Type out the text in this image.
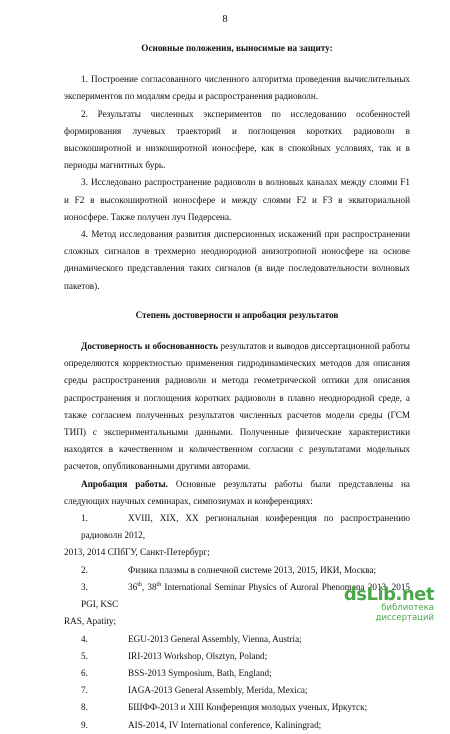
8

Основные положения, выносимые на защиту:

1. Построение согласованного численного алгоритма проведения вычислительных экспериментов по модалям среды и распространения радиоволн.

2. Результаты численных экспериментов по исследованию особенностей формирования лучевых траекторий и поглощения коротких радиоволн в высокоширотной и низкоширотной ионосфере, как в спокойных условиях, так и в периоды магнитных бурь.

3. Исследовано распространение радиоволн в волновых каналах между слоями F1 и F2 в высокоширотной ионосфере и между слоями F2 и F3 в экваториальной ионосфере. Также получен луч Педерсена.

4. Метод исследования развития дисперсионных искажений при распространении сложных сигналов в трехмерно неоднородной анизотропной ионосфере на основе динамического представления таких сигналов (в виде последовательности волновых пакетов).

Степень достоверности и апробация результатов

Достоверность и обоснованность результатов и выводов диссертационной работы определяются корректностью применения гидродинамических методов для описания среды распространения радиоволн и метода геометрической оптики для описания распространения и поглощения коротких радиоволн в плавно неоднородной среде, а также согласием полученных результатов численных расчетов модели среды (ГСМ ТИП) с экспериментальными данными. Полученные физические характеристики находятся в качественном и количественном согласии с результатами модельных расчетов, опубликованными другими авторами.

Апробация работы. Основные результаты работы были представлены на следующих научных семинарах, симпозиумах и конференциях:

1.	XVIII, XIX, XX региональная конференция по распространению радиоволн 2012,

2013, 2014 СПбГУ, Санкт-Петербург;

2.	Физика плазмы в солнечной системе 2013, 2015, ИКИ, Москва;

3.	36th, 38th International Seminar Physics of Auroral Phenomena 2013, 2015 PGI, KSC

RAS, Apatity;

4.	EGU-2013 General Assembly, Vienna, Austria;

5.	IRI-2013 Workshop, Olsztyn, Poland;

6.	BSS-2013 Symposium, Bath, England;

7.	IAGA-2013 General Assembly, Merida, Mexica;

8.	БШФФ-2013 и XIII Конференция молодых ученых, Иркутск;

9.	AIS-2014, IV International conference, Kaliningrad;

dsLib.net
библиотека диссертаций
